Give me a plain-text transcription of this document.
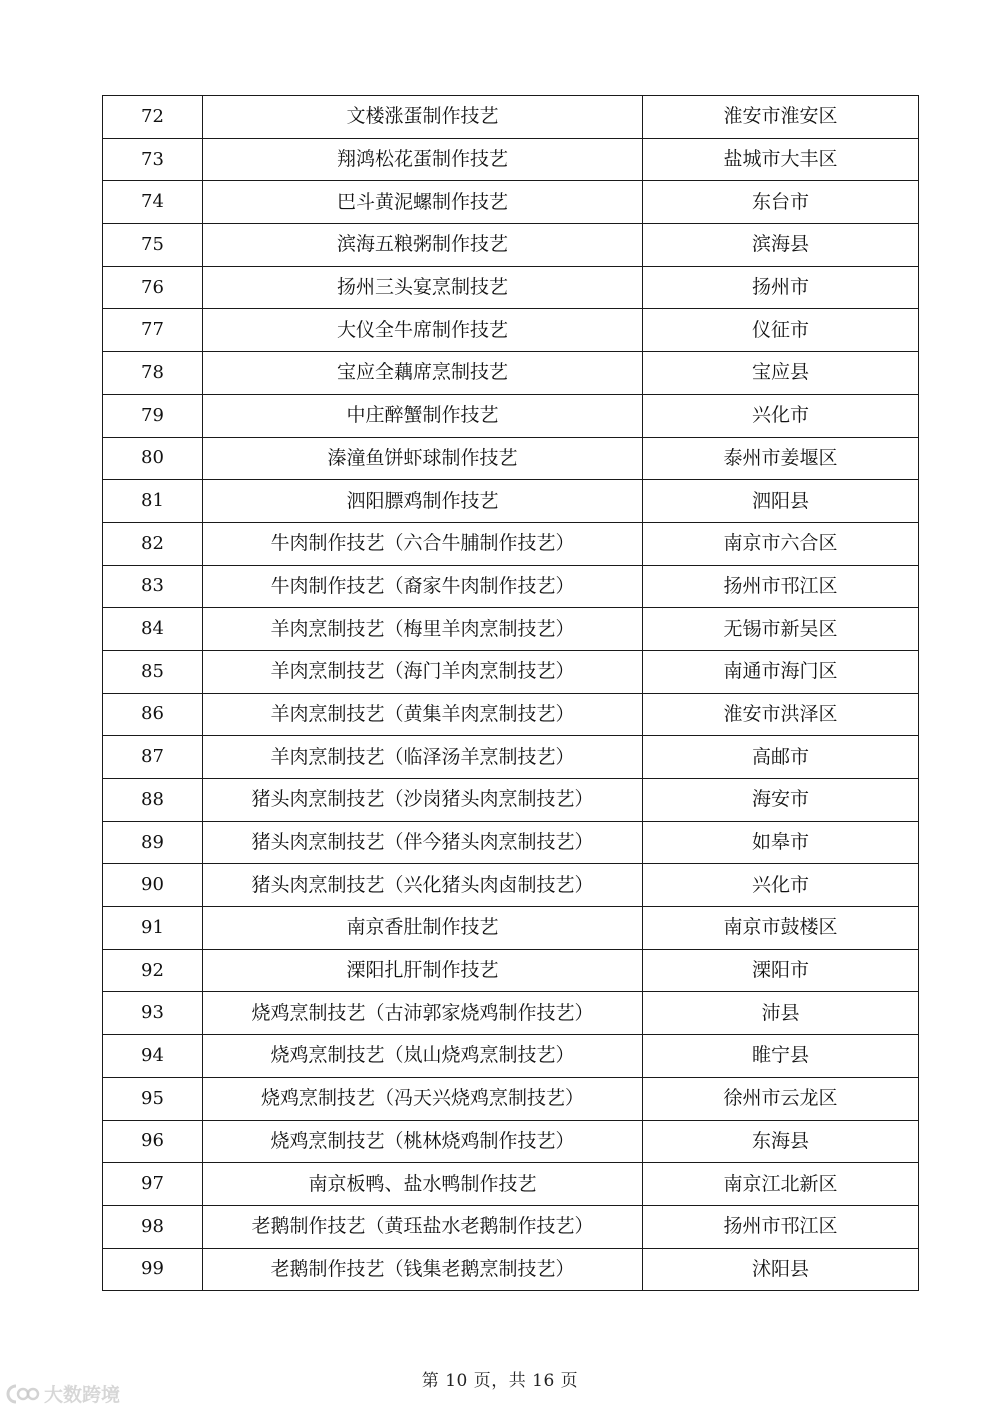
72	文楼涨蛋制作技艺	淮安市淮安区
73	翔鸿松花蛋制作技艺	盐城市大丰区
74	巴斗黄泥螺制作技艺	东台市
75	滨海五粮粥制作技艺	滨海县
76	扬州三头宴烹制技艺	扬州市
77	大仪全牛席制作技艺	仪征市
78	宝应全藕席烹制技艺	宝应县
79	中庄醉蟹制作技艺	兴化市
80	溱潼鱼饼虾球制作技艺	泰州市姜堰区
81	泗阳膘鸡制作技艺	泗阳县
82	牛肉制作技艺（六合牛脯制作技艺）	南京市六合区
83	牛肉制作技艺（裔家牛肉制作技艺）	扬州市邗江区
84	羊肉烹制技艺（梅里羊肉烹制技艺）	无锡市新吴区
85	羊肉烹制技艺（海门羊肉烹制技艺）	南通市海门区
86	羊肉烹制技艺（黄集羊肉烹制技艺）	淮安市洪泽区
87	羊肉烹制技艺（临泽汤羊烹制技艺）	高邮市
88	猪头肉烹制技艺（沙岗猪头肉烹制技艺）	海安市
89	猪头肉烹制技艺（伴今猪头肉烹制技艺）	如皋市
90	猪头肉烹制技艺（兴化猪头肉卤制技艺）	兴化市
91	南京香肚制作技艺	南京市鼓楼区
92	溧阳扎肝制作技艺	溧阳市
93	烧鸡烹制技艺（古沛郭家烧鸡制作技艺）	沛县
94	烧鸡烹制技艺（岚山烧鸡烹制技艺）	睢宁县
95	烧鸡烹制技艺（冯天兴烧鸡烹制技艺）	徐州市云龙区
96	烧鸡烹制技艺（桃林烧鸡制作技艺）	东海县
97	南京板鸭、盐水鸭制作技艺	南京江北新区
98	老鹅制作技艺（黄珏盐水老鹅制作技艺）	扬州市邗江区
99	老鹅制作技艺（钱集老鹅烹制技艺）	沭阳县
第 10 页，共 16 页
大数跨境
